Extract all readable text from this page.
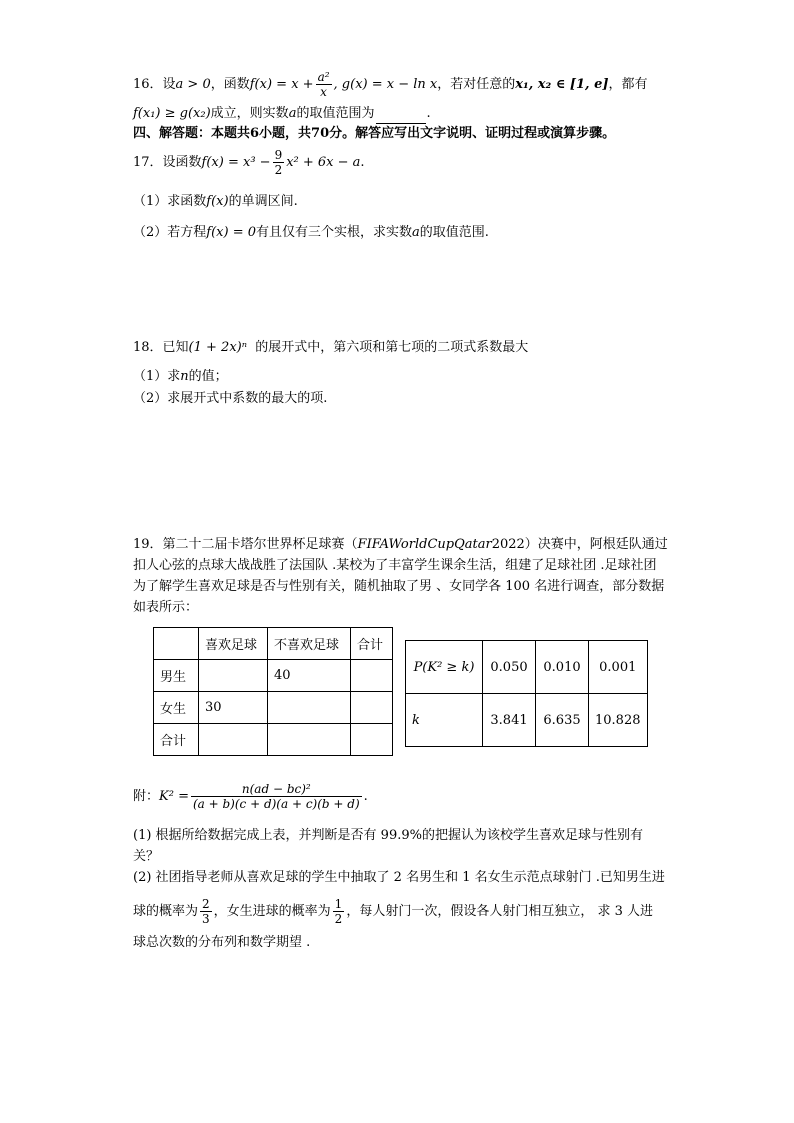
16．设a > 0，函数$f(x) = x + \frac{\text{a²}}{x}$ , g(x) = x − ln x，若对任意的x₁, x₂ ∈ [1, e]，都有
f(x₁) ≥ g(x₂)成立，则实数a的取值范围为	.
四、解答题：本题共6小题，共70分。解答应写出文字说明、证明过程或演算步骤。
17．设函数$f(x) = x^3 - \frac{9}{2} x^2 + 6x - a$.
（1）求函数f(x)的单调区间.
（2）若方程f(x) = 0有且仅有三个实根，求实数a的取值范围.
18．已知(1 + 2x)ⁿ 的展开式中，第六项和第七项的二项式系数最大
（1）求n的值；
（2）求展开式中系数的最大的项.
19．第二十二届卡塔尔世界杯足球赛（FIFAWorldCupQatar2022）决赛中，阿根廷队通过
扣人心弦的点球大战战胜了法国队 .某校为了丰富学生课余生活，组建了足球社团 .足球社团
为了解学生喜欢足球是否与性别有关，随机抽取了男 、女同学各 100 名进行调查，部分数据
如表所示：
	喜欢足球	不喜欢足球	合计
男生		40	
女生	30		
合计			
P(K² ≥ k)	0.050	0.010	0.001
k	3.841	6.635	10.828
附：$K^2 = \frac{\text{n(ad − bc)²}}{(a + b)(c + d)(a + c)(b + d)}$ .
(1) 根据所给数据完成上表，并判断是否有 99.9%的把握认为该校学生喜欢足球与性别有
关？
(2) 社团指导老师从喜欢足球的学生中抽取了 2 名男生和 1 名女生示范点球射门 .已知男生进
球的概率为 $\frac{2}{3}$ ，女生进球的概率为 $\frac{1}{2}$ ，每人射门一次，假设各人射门相互独立， 求 3 人进
球总次数的分布列和数学期望 .
